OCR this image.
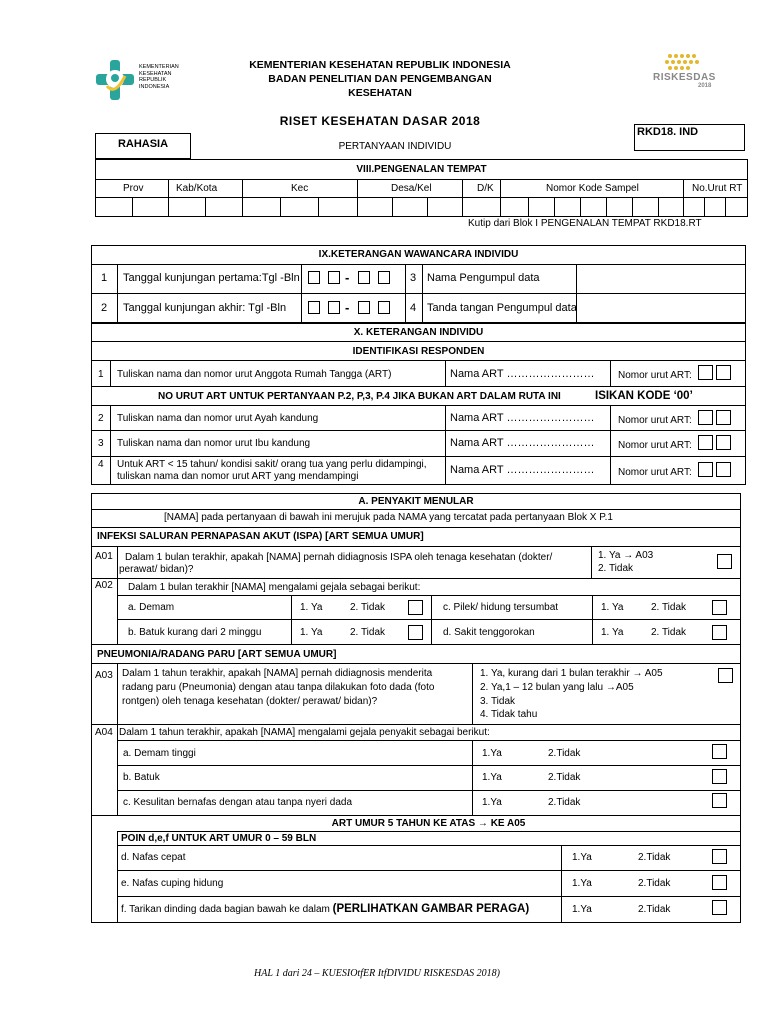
KEMENTERIAN
KESEHATAN
REPUBLIK
INDONESIA
KEMENTERIAN KESEHATAN REPUBLIK INDONESIA
BADAN PENELITIAN DAN PENGEMBANGAN
KESEHATAN
RISKESDAS
2018
RISET KESEHATAN DASAR 2018
RAHASIA	PERTANYAAN INDIVIDU
RKD18. IND
VIII.PENGENALAN TEMPAT
Prov	Kab/Kota	Kec	Desa/Kel	D/K	Nomor Kode Sampel	No.Urut RT
Kutip dari Blok I PENGENALAN TEMPAT RKD18.RT
IX.KETERANGAN WAWANCARA INDIVIDU
1 Tanggal kunjungan pertama:Tgl -Bln	-	3 Nama Pengumpul data
2 Tanggal kunjungan akhir: Tgl -Bln	-	4 Tanda tangan Pengumpul data
X. KETERANGAN INDIVIDU
IDENTIFIKASI RESPONDEN
1 Tuliskan nama dan nomor urut Anggota Rumah Tangga (ART)	Nama ART …………………… Nomor urut ART:
NO URUT ART UNTUK PERTANYAAN P.2, P,3, P.4 JIKA BUKAN ART DALAM RUTA INI	ISIKAN KODE ‘00’
2 Tuliskan nama dan nomor urut Ayah kandung	Nama ART …………………… Nomor urut ART:
3 Tuliskan nama dan nomor urut Ibu kandung	Nama ART …………………… Nomor urut ART:
4 Untuk ART < 15 tahun/ kondisi sakit/ orang tua yang perlu didampingi,
tuliskan nama dan nomor urut ART yang mendampingi
Nama ART …………………… Nomor urut ART:
A. PENYAKIT MENULAR
[NAMA] pada pertanyaan di bawah ini merujuk pada NAMA yang tercatat pada pertanyaan Blok X P.1
INFEKSI SALURAN PERNAPASAN AKUT (ISPA) [ART SEMUA UMUR]
A01 Dalam 1 bulan terakhir, apakah [NAMA] pernah didiagnosis ISPA oleh tenaga kesehatan (dokter/
perawat/ bidan)?
1. Ya → A03
2. Tidak
A02 Dalam 1 bulan terakhir [NAMA] mengalami gejala sebagai berikut:
a. Demam	1. Ya	2. Tidak	c. Pilek/ hidung tersumbat	1. Ya	2. Tidak
b. Batuk kurang dari 2 minggu	1. Ya	2. Tidak	d. Sakit tenggorokan	1. Ya	2. Tidak
PNEUMONIA/RADANG PARU [ART SEMUA UMUR]
A03 Dalam 1 tahun terakhir, apakah [NAMA] pernah didiagnosis menderita
radang paru (Pneumonia) dengan atau tanpa dilakukan foto dada (foto
rontgen) oleh tenaga kesehatan (dokter/ perawat/ bidan)?
1. Ya, kurang dari 1 bulan terakhir → A05
2. Ya,1 – 12 bulan yang lalu →A05
3. Tidak
4. Tidak tahu
A04 Dalam 1 tahun terakhir, apakah [NAMA] mengalami gejala penyakit sebagai berikut:
a. Demam tinggi	1.Ya	2.Tidak
b. Batuk	1.Ya	2.Tidak
c. Kesulitan bernafas dengan atau tanpa nyeri dada	1.Ya	2.Tidak
ART UMUR 5 TAHUN KE ATAS → KE A05
POIN d,e,f UNTUK ART UMUR 0 – 59 BLN
d. Nafas cepat	1.Ya	2.Tidak
e. Nafas cuping hidung	1.Ya	2.Tidak
f. Tarikan dinding dada bagian bawah ke dalam (PERLIHATKAN GAMBAR PERAGA)	1.Ya	2.Tidak
HAL 1 dari 24 – KUESIOtfER ItfDIVIDU RISKESDAS 2018)
